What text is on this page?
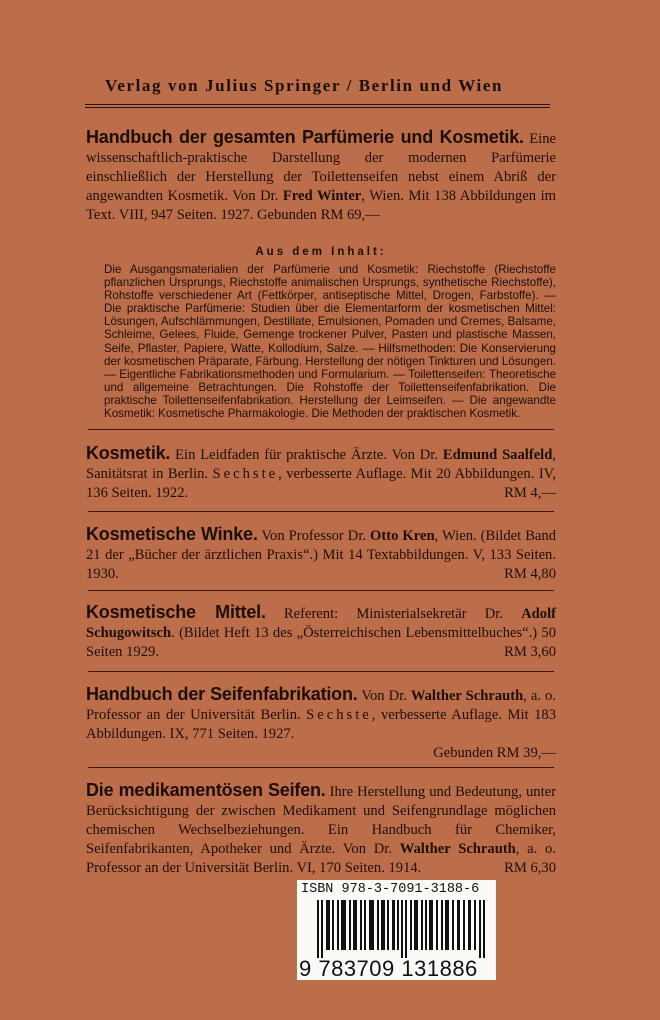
Verlag von Julius Springer / Berlin und Wien
Handbuch der gesamten Parfümerie und Kosmetik. Eine wissenschaftlich-praktische Darstellung der modernen Parfümerie einschließlich der Herstellung der Toilettenseifen nebst einem Abriß der angewandten Kosmetik. Von Dr. Fred Winter, Wien. Mit 138 Abbildungen im Text. VIII, 947 Seiten. 1927. Gebunden RM 69,—
Aus dem Inhalt:
Die Ausgangsmaterialien der Parfümerie und Kosmetik: Riechstoffe (Riechstoffe pflanzlichen Ursprungs, Riechstoffe animalischen Ursprungs, synthetische Riechstoffe), Rohstoffe verschiedener Art (Fettkörper, antiseptische Mittel, Drogen, Farbstoffe). — Die praktische Parfümerie: Studien über die Elementarform der kosmetischen Mittel: Lösungen, Aufschlämmungen, Destillate, Emulsionen, Pomaden und Cremes, Balsame, Schleime, Gelees, Fluide, Gemenge trockener Pulver, Pasten und plastische Massen, Seife, Pflaster, Papiere, Watte, Kollodium, Salze. — Hilfsmethoden: Die Konservierung der kosmetischen Präparate, Färbung. Herstellung der nötigen Tinkturen und Lösungen. — Eigentliche Fabrikationsmethoden und Formularium. — Toilettenseifen: Theoretische und allgemeine Betrachtungen. Die Rohstoffe der Toilettenseifenfabrikation. Die praktische Toilettenseifenfabrikation. Herstellung der Leimseifen. — Die angewandte Kosmetik: Kosmetische Pharmakologie. Die Methoden der praktischen Kosmetik.
Kosmetik. Ein Leidfaden für praktische Ärzte. Von Dr. Edmund Saalfeld, Sanitätsrat in Berlin. Sechste, verbesserte Auflage. Mit 20 Abbildungen. IV, 136 Seiten. 1922.	RM 4,—
Kosmetische Winke. Von Professor Dr. Otto Kren, Wien. (Bildet Band 21 der „Bücher der ärztlichen Praxis“.) Mit 14 Textabbildungen. V, 133 Seiten. 1930.	RM 4,80
Kosmetische Mittel. Referent: Ministerialsekretär Dr. Adolf Schugowitsch. (Bildet Heft 13 des „Österreichischen Lebensmittelbuches“.) 50 Seiten 1929.	RM 3,60
Handbuch der Seifenfabrikation. Von Dr. Walther Schrauth, a. o. Professor an der Universität Berlin. Sechste, verbesserte Auflage. Mit 183 Abbildungen. IX, 771 Seiten. 1927.
Gebunden RM 39,—
Die medikamentösen Seifen. Ihre Herstellung und Bedeutung, unter Berücksichtigung der zwischen Medikament und Seifengrundlage möglichen chemischen Wechselbeziehungen. Ein Handbuch für Chemiker, Seifenfabrikanten, Apotheker und Ärzte. Von Dr. Walther Schrauth, a. o. Professor an der Universität Berlin. VI, 170 Seiten. 1914.	RM 6,30
ISBN 978-3-7091-3188-6
9 783709 131886
